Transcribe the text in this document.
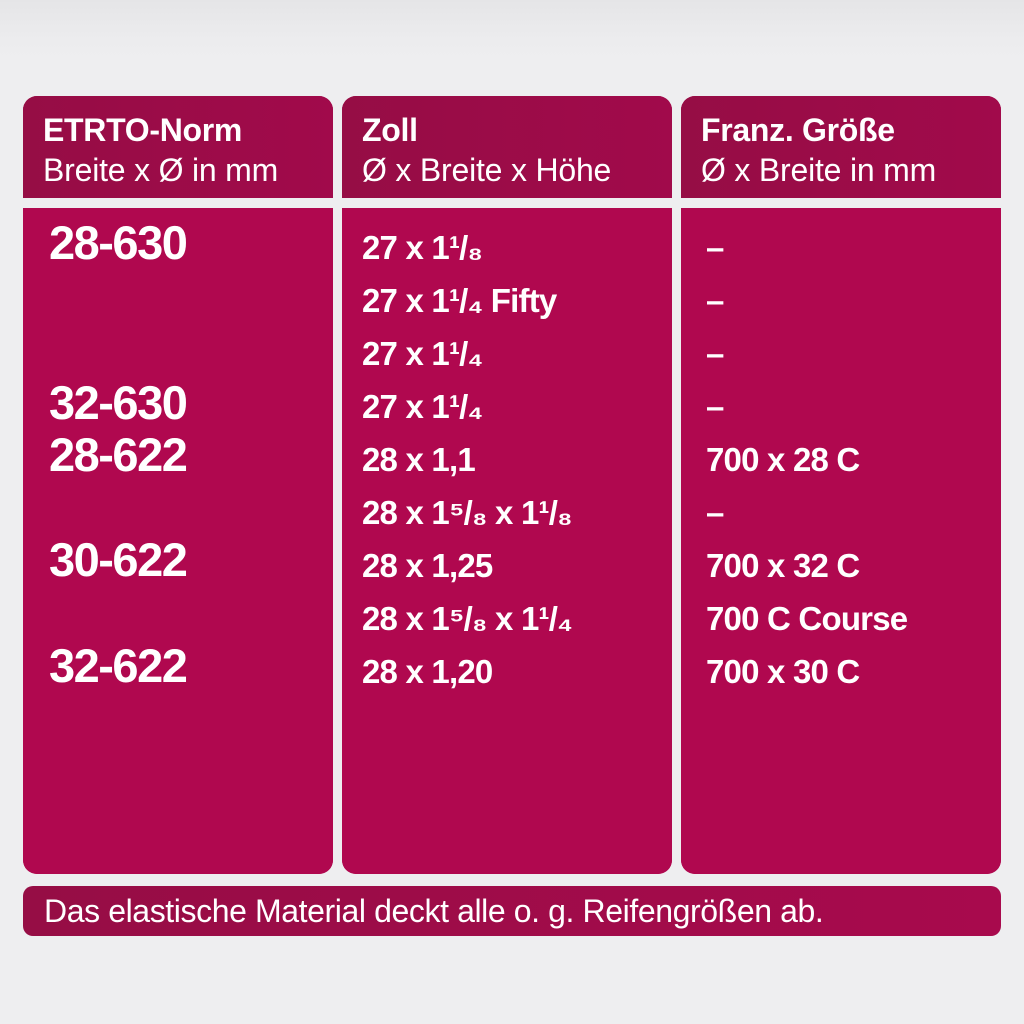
ETRTO-Norm
Breite x Ø in mm
28-630
32-630
28-622
30-622
32-622
Zoll
Ø x Breite x Höhe
27 x 1¹/₈
27 x 1¹/₄ Fifty
27 x 1¹/₄
27 x 1¹/₄
28 x 1,1
28 x 1⁵/₈ x 1¹/₈
28 x 1,25
28 x 1⁵/₈ x 1¹/₄
28 x 1,20
Franz. Größe
Ø x Breite in mm
–
–
–
–
700 x 28 C
–
700 x 32 C
700 C Course
700 x 30 C
Das elastische Material deckt alle o. g. Reifengrößen ab.
